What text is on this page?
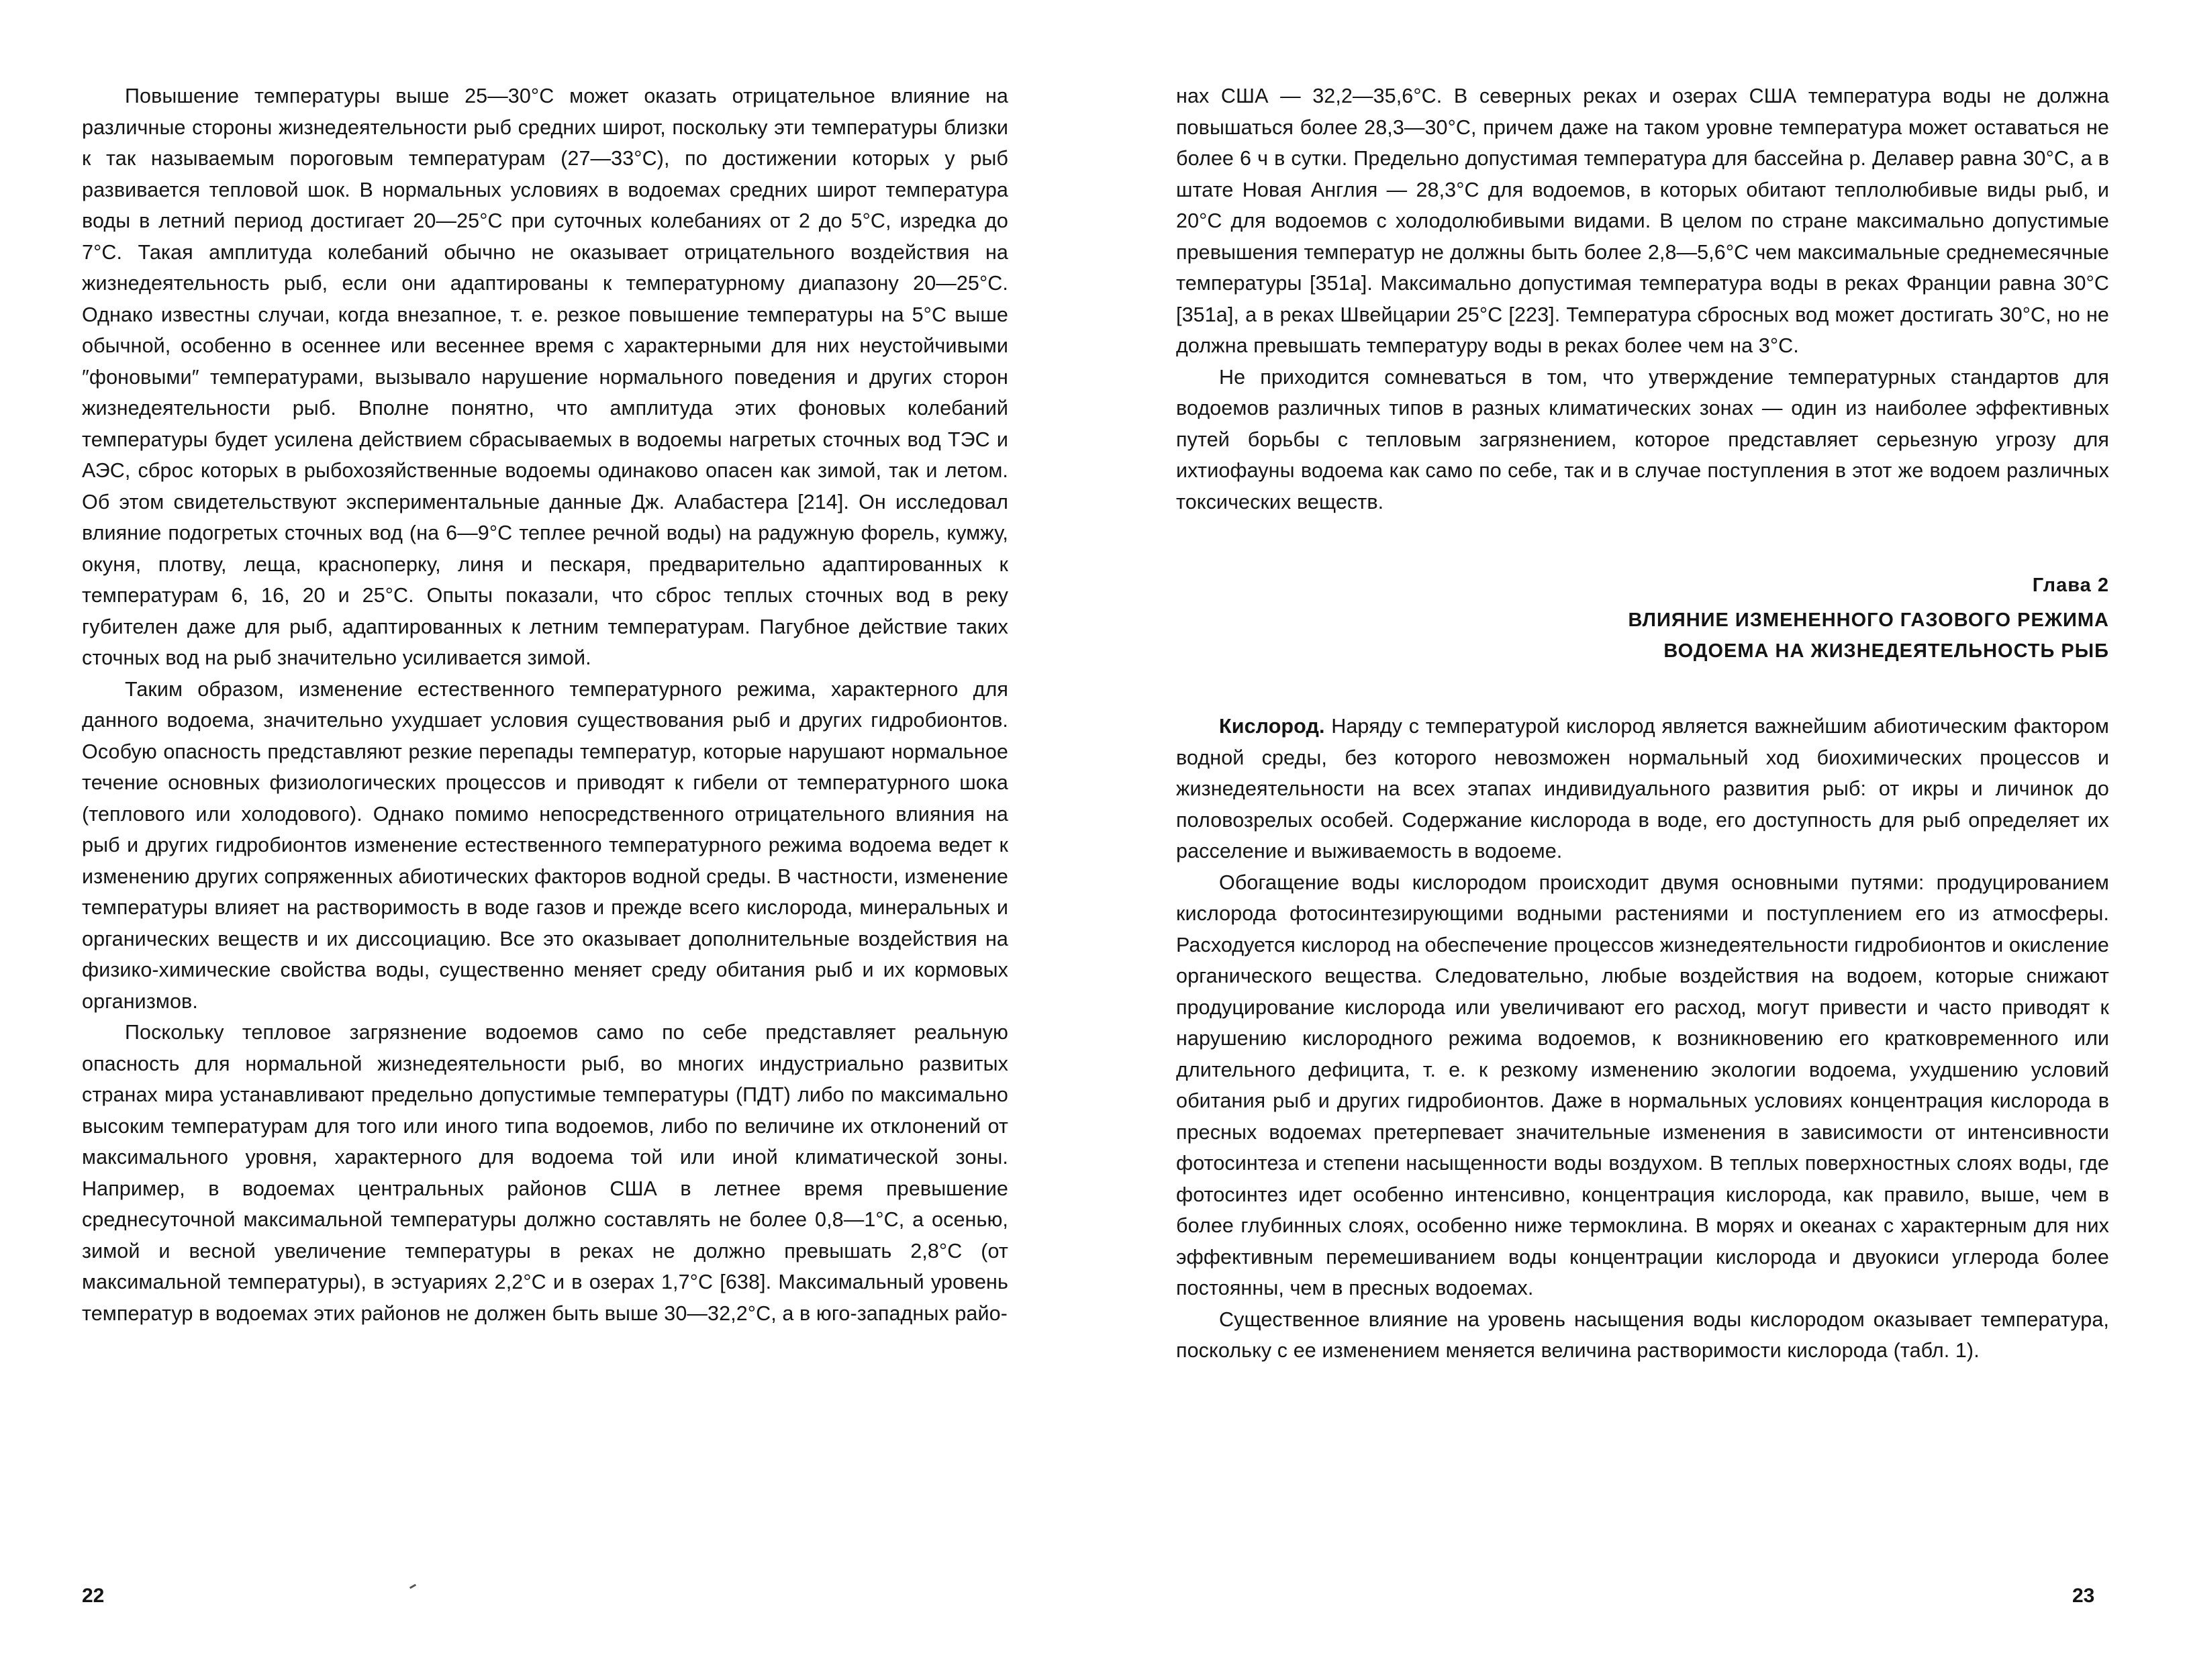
Повышение температуры выше 25—30°С может оказать отрицательное влияние на различные стороны жизнедеятельности рыб средних широт, поскольку эти температуры близки к так называемым пороговым температурам (27—33°С), по достижении которых у рыб развивается тепловой шок. В нормальных условиях в водоемах средних широт температура воды в летний период достигает 20—25°С при суточных колебаниях от 2 до 5°С, изредка до 7°С. Такая амплитуда колебаний обычно не оказывает отрицательного воздействия на жизнедеятельность рыб, если они адаптированы к температурному диапазону 20—25°С. Однако известны случаи, когда внезапное, т. е. резкое повышение температуры на 5°С выше обычной, особенно в осеннее или весеннее время с характерными для них неустойчивыми ″фоновыми″ температурами, вызывало нарушение нормального поведения и других сторон жизнедеятельности рыб. Вполне понятно, что амплитуда этих фоновых колебаний температуры будет усилена действием сбрасываемых в водоемы нагретых сточных вод ТЭС и АЭС, сброс которых в рыбохозяйственные водоемы одинаково опасен как зимой, так и летом. Об этом свидетельствуют экспериментальные данные Дж. Алабастера [214]. Он исследовал влияние подогретых сточных вод (на 6—9°С теплее речной воды) на радужную форель, кумжу, окуня, плотву, леща, красноперку, линя и пескаря, предварительно адаптированных к температурам 6, 16, 20 и 25°С. Опыты показали, что сброс теплых сточных вод в реку губителен даже для рыб, адаптированных к летним температурам. Пагубное действие таких сточных вод на рыб значительно усиливается зимой.

Таким образом, изменение естественного температурного режима, характерного для данного водоема, значительно ухудшает условия существования рыб и других гидробионтов. Особую опасность представляют резкие перепады температур, которые нарушают нормальное течение основных физиологических процессов и приводят к гибели от температурного шока (теплового или холодового). Однако помимо непосредственного отрицательного влияния на рыб и других гидробионтов изменение естественного температурного режима водоема ведет к изменению других сопряженных абиотических факторов водной среды. В частности, изменение температуры влияет на растворимость в воде газов и прежде всего кислорода, минеральных и органических веществ и их диссоциацию. Все это оказывает дополнительные воздействия на физико-химические свойства воды, существенно меняет среду обитания рыб и их кормовых организмов.

Поскольку тепловое загрязнение водоемов само по себе представляет реальную опасность для нормальной жизнедеятельности рыб, во многих индустриально развитых странах мира устанавливают предельно допустимые температуры (ПДТ) либо по максимально высоким температурам для того или иного типа водоемов, либо по величине их отклонений от максимального уровня, характерного для водоема той или иной климатической зоны. Например, в водоемах центральных районов США в летнее время превышение среднесуточной максимальной температуры должно составлять не более 0,8—1°С, а осенью, зимой и весной увеличение температуры в реках не должно превышать 2,8°С (от максимальной температуры), в эстуариях 2,2°С и в озерах 1,7°С [638]. Максимальный уровень температур в водоемах этих районов не должен быть выше 30—32,2°С, а в юго-западных райо-

нах США — 32,2—35,6°С. В северных реках и озерах США температура воды не должна повышаться более 28,3—30°С, причем даже на таком уровне температура может оставаться не более 6 ч в сутки. Предельно допустимая температура для бассейна р. Делавер равна 30°С, а в штате Новая Англия — 28,3°С для водоемов, в которых обитают теплолюбивые виды рыб, и 20°С для водоемов с холодолюбивыми видами. В целом по стране максимально допустимые превышения температур не должны быть более 2,8—5,6°С чем максимальные среднемесячные температуры [351а]. Максимально допустимая температура воды в реках Франции равна 30°С [351а], а в реках Швейцарии 25°С [223]. Температура сбросных вод может достигать 30°С, но не должна превышать температуру воды в реках более чем на 3°С.

Не приходится сомневаться в том, что утверждение температурных стандартов для водоемов различных типов в разных климатических зонах — один из наиболее эффективных путей борьбы с тепловым загрязнением, которое представляет серьезную угрозу для ихтиофауны водоема как само по себе, так и в случае поступления в этот же водоем различных токсических веществ.

Глава 2
ВЛИЯНИЕ ИЗМЕНЕННОГО ГАЗОВОГО РЕЖИМА
ВОДОЕМА НА ЖИЗНЕДЕЯТЕЛЬНОСТЬ РЫБ

Кислород. Наряду с температурой кислород является важнейшим абиотическим фактором водной среды, без которого невозможен нормальный ход биохимических процессов и жизнедеятельности на всех этапах индивидуального развития рыб: от икры и личинок до половозрелых особей. Содержание кислорода в воде, его доступность для рыб определяет их расселение и выживаемость в водоеме.

Обогащение воды кислородом происходит двумя основными путями: продуцированием кислорода фотосинтезирующими водными растениями и поступлением его из атмосферы. Расходуется кислород на обеспечение процессов жизнедеятельности гидробионтов и окисление органического вещества. Следовательно, любые воздействия на водоем, которые снижают продуцирование кислорода или увеличивают его расход, могут привести и часто приводят к нарушению кислородного режима водоемов, к возникновению его кратковременного или длительного дефицита, т. е. к резкому изменению экологии водоема, ухудшению условий обитания рыб и других гидробионтов. Даже в нормальных условиях концентрация кислорода в пресных водоемах претерпевает значительные изменения в зависимости от интенсивности фотосинтеза и степени насыщенности воды воздухом. В теплых поверхностных слоях воды, где фотосинтез идет особенно интенсивно, концентрация кислорода, как правило, выше, чем в более глубинных слоях, особенно ниже термоклина. В морях и океанах с характерным для них эффективным перемешиванием воды концентрации кислорода и двуокиси углерода более постоянны, чем в пресных водоемах.

Существенное влияние на уровень насыщения воды кислородом оказывает температура, поскольку с ее изменением меняется величина растворимости кислорода (табл. 1).

22	23
